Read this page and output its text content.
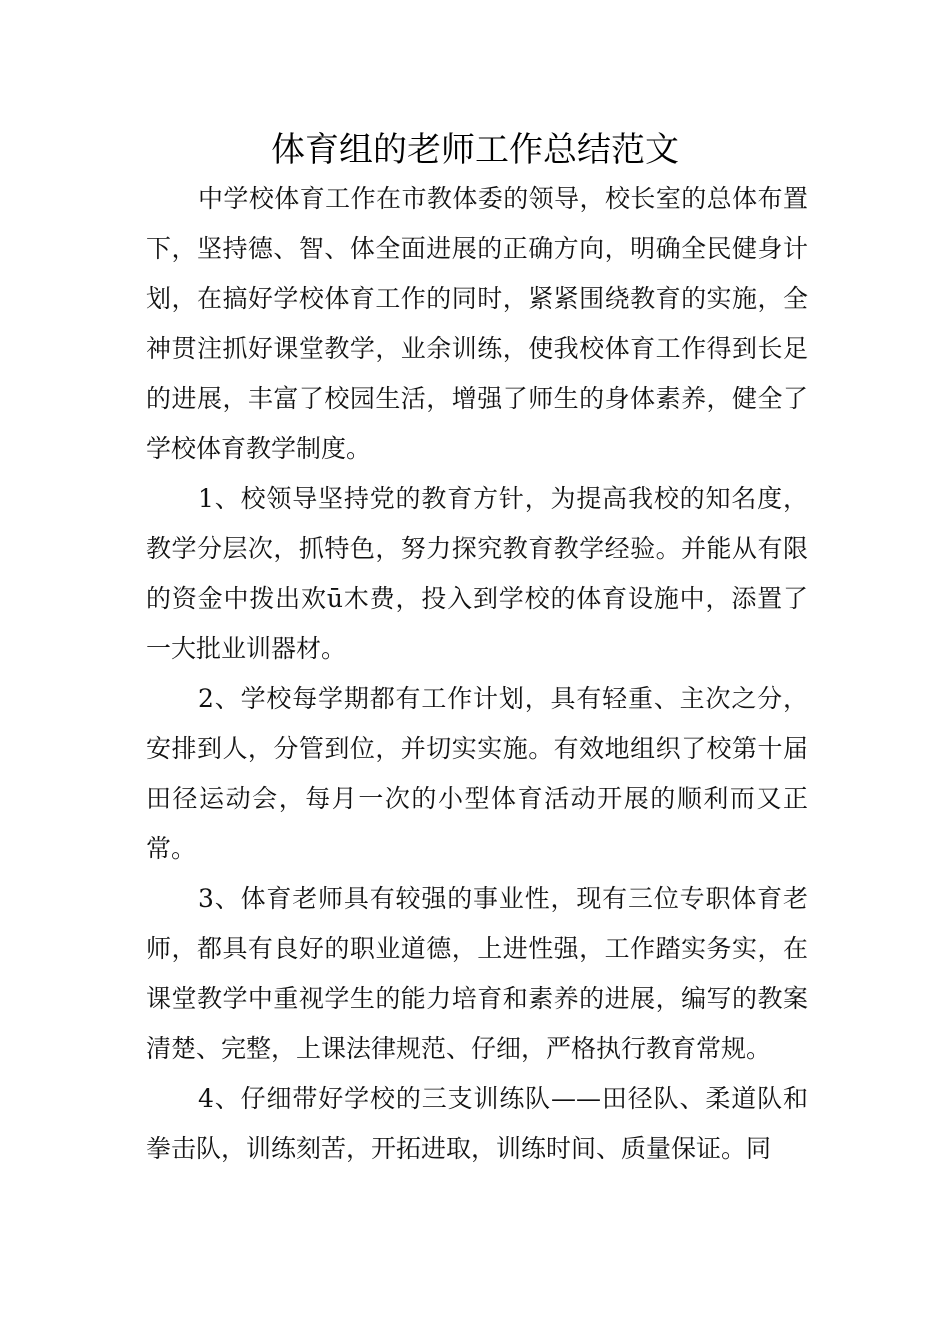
体育组的老师工作总结范文

中学校体育工作在市教体委的领导，校长室的总体布置下，坚持德、智、体全面进展的正确方向，明确全民健身计划，在搞好学校体育工作的同时，紧紧围绕教育的实施，全神贯注抓好课堂教学，业余训练，使我校体育工作得到长足的进展，丰富了校园生活，增强了师生的身体素养，健全了学校体育教学制度。

1、校领导坚持党的教育方针，为提高我校的知名度，教学分层次，抓特色，努力探究教育教学经验。并能从有限的资金中拨出欢ū木费，投入到学校的体育设施中，添置了一大批业训器材。

2、学校每学期都有工作计划，具有轻重、主次之分，安排到人，分管到位，并切实实施。有效地组织了校第十届田径运动会，每月一次的小型体育活动开展的顺利而又正常。

3、体育老师具有较强的事业性，现有三位专职体育老师，都具有良好的职业道德，上进性强，工作踏实务实，在课堂教学中重视学生的能力培育和素养的进展，编写的教案清楚、完整，上课法律规范、仔细，严格执行教育常规。

4、仔细带好学校的三支训练队——田径队、柔道队和拳击队，训练刻苦，开拓进取，训练时间、质量保证。同
